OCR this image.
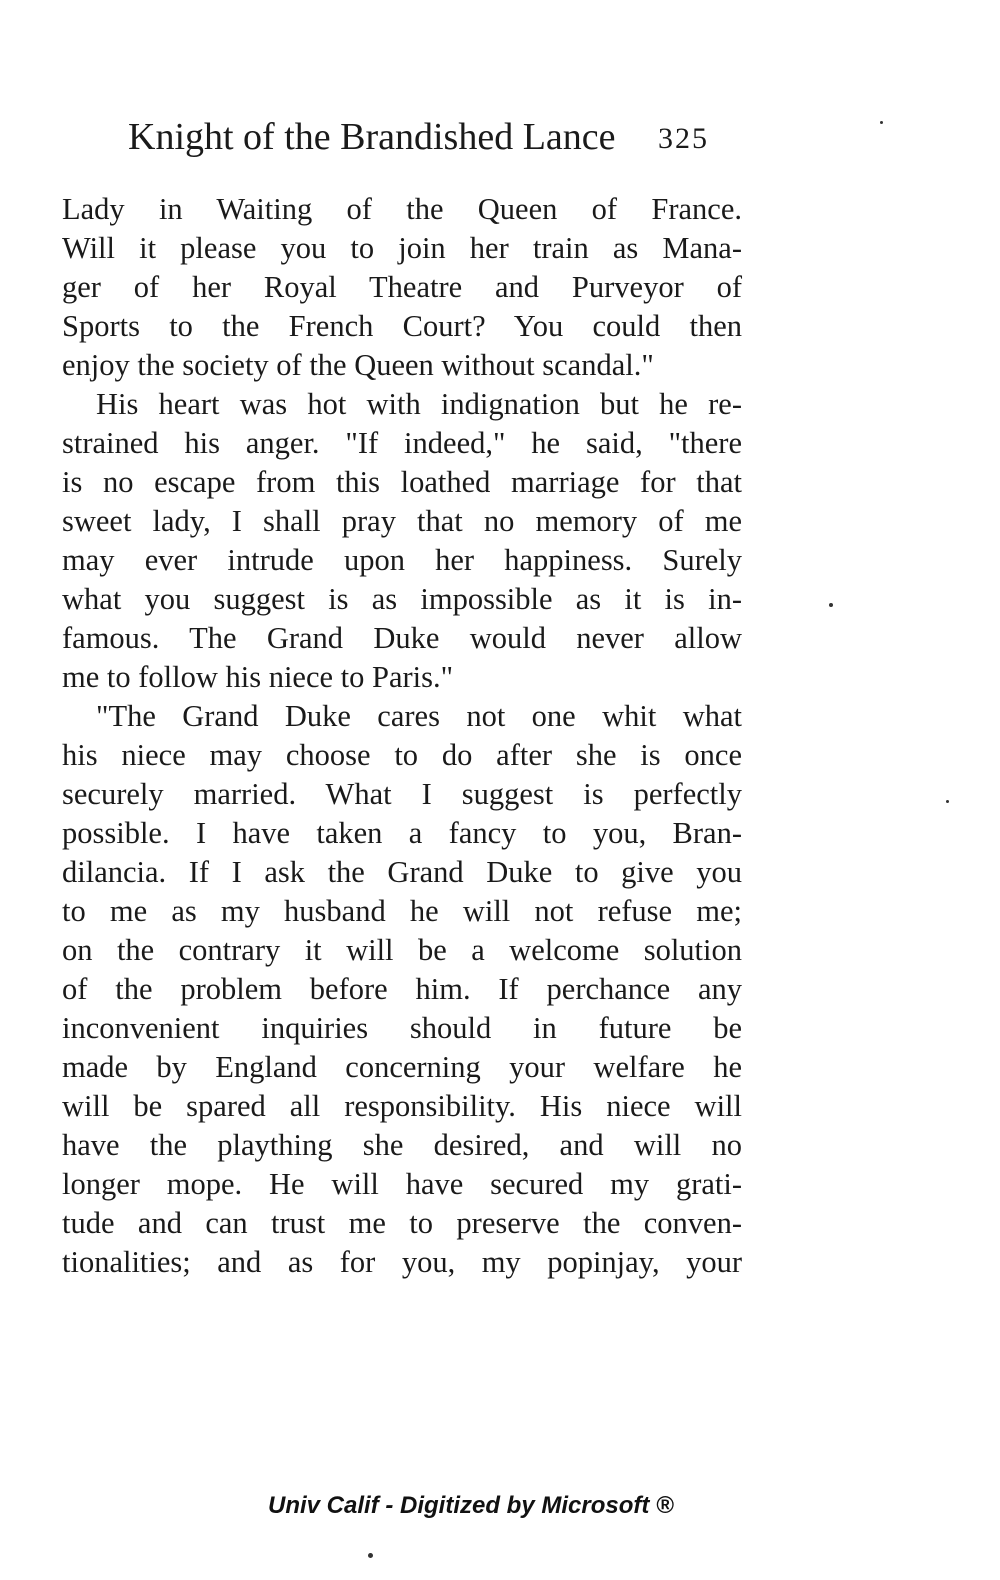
Knight of the Brandished Lance 325
Lady in Waiting of the Queen of France.
Will it please you to join her train as Mana-
ger of her Royal Theatre and Purveyor of
Sports to the French Court? You could then
enjoy the society of the Queen without scandal."
His heart was hot with indignation but he re-
strained his anger. "If indeed," he said, "there
is no escape from this loathed marriage for that
sweet lady, I shall pray that no memory of me
may ever intrude upon her happiness. Surely
what you suggest is as impossible as it is in-
famous. The Grand Duke would never allow
me to follow his niece to Paris."
"The Grand Duke cares not one whit what
his niece may choose to do after she is once
securely married. What I suggest is perfectly
possible. I have taken a fancy to you, Bran-
dilancia. If I ask the Grand Duke to give you
to me as my husband he will not refuse me;
on the contrary it will be a welcome solution
of the problem before him. If perchance any
inconvenient inquiries should in future be
made by England concerning your welfare he
will be spared all responsibility. His niece will
have the plaything she desired, and will no
longer mope. He will have secured my grati-
tude and can trust me to preserve the conven-
tionalities; and as for you, my popinjay, your
Univ Calif - Digitized by Microsoft ®
